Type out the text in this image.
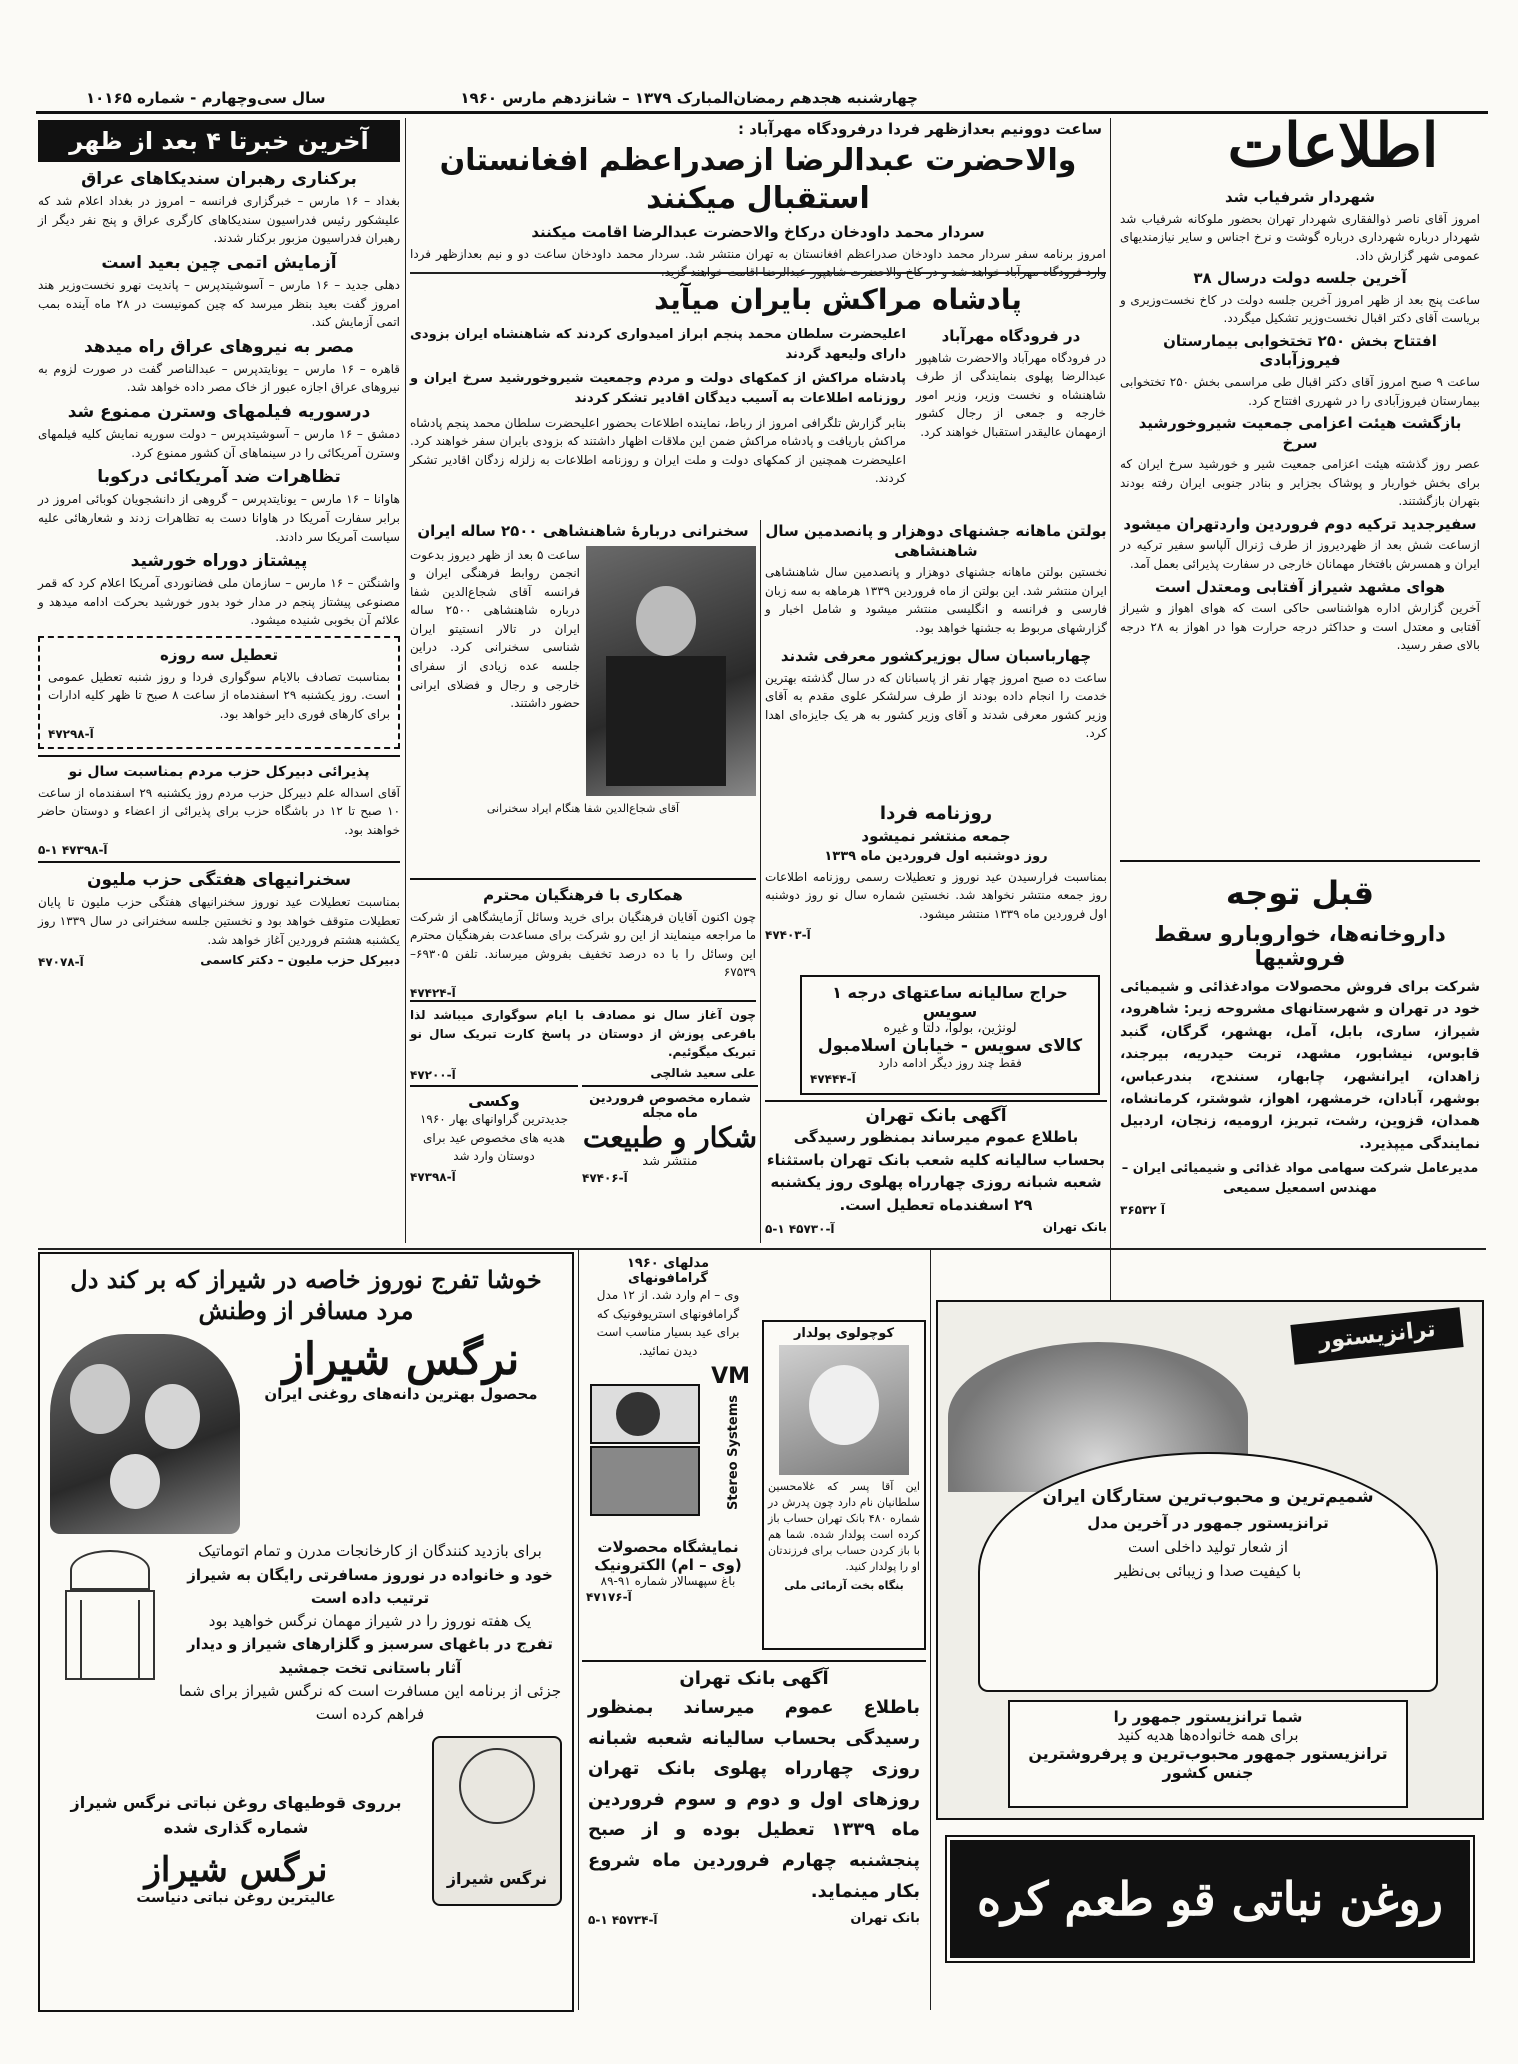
چهارشنبه هجدهم رمضان‌المبارک ۱۳۷۹ – شانزدهم مارس ۱۹۶۰
سال سی‌وچهارم - شماره ۱۰۱۶۵
اطلاعات
شهردار شرفیاب شد

امروز آقای ناصر ذوالفقاری شهردار تهران بحضور ملوکانه شرفیاب شد شهردار درباره شهرداری درباره گوشت و نرخ اجناس و سایر نیازمندیهای عمومی شهر گزارش داد.

آخرین جلسه دولت درسال ۳۸

ساعت پنج بعد از ظهر امروز آخرین جلسه دولت در کاخ نخست‌وزیری و بریاست آقای دکتر اقبال نخست‌وزیر تشکیل میگردد.

افتتاح بخش ۲۵۰ تختخوابی بیمارستان فیروزآبادی

ساعت ۹ صبح امروز آقای دکتر اقبال طی مراسمی بخش ۲۵۰ تختخوابی بیمارستان فیروزآبادی را در شهرری افتتاح کرد.

بازگشت هیئت اعزامی جمعیت شیروخورشید سرخ

عصر روز گذشته هیئت اعزامی جمعیت شیر و خورشید سرخ ایران که برای بخش خواربار و پوشاک بجزایر و بنادر جنوبی ایران رفته بودند بتهران بازگشتند.

سفیرجدید ترکیه دوم فروردین واردتهران میشود

ازساعت شش بعد از ظهردیروز از طرف ژنرال آلپاسو سفیر ترکیه در ایران و همسرش بافتخار مهمانان خارجی در سفارت پذیرائی بعمل آمد.

هوای مشهد شیراز آفتابی ومعتدل است

آخرین گزارش اداره هواشناسی حاکی است که هوای اهواز و شیراز آفتابی و معتدل است و حداکثر درجه حرارت هوا در اهواز به ۲۸ درجه بالای صفر رسید.

قبل توجه
داروخانه‌ها، خواروبارو سقط فروشیها

شرکت برای فروش محصولات موادغذائی و شیمیائی خود در تهران و شهرستانهای مشروحه زیر: شاهرود، شیراز، ساری، بابل، آمل، بهشهر، گرگان، گنبد قابوس، نیشابور، مشهد، تربت حیدریه، بیرجند، زاهدان، ایرانشهر، چابهار، سنندج، بندرعباس، بوشهر، آبادان، خرمشهر، اهواز، شوشتر، کرمانشاه، همدان، قزوین، رشت، تبریز، ارومیه، زنجان، اردبیل نمایندگی میپذیرد.

مدیرعامل شرکت سهامی مواد غذائی و شیمیائی ایران – مهندس اسمعیل سمیعی

۳۶۵۳۲ آ
ساعت دوونیم بعدازظهر فردا درفرودگاه مهرآباد :
والاحضرت عبدالرضا ازصدراعظم افغانستان استقبال میکنند
سردار محمد داودخان درکاخ والاحضرت عبدالرضا اقامت میکنند

امروز برنامه سفر سردار محمد داودخان صدراعظم افغانستان به تهران منتشر شد. سردار محمد داودخان ساعت دو و نیم بعدازظهر فردا

پادشاه مراکش بایران میآید
در فرودگاه مهرآباد

در فرودگاه مهرآباد والاحضرت شاهپور عبدالرضا پهلوی بنمایندگی از طرف شاهنشاه و نخست وزیر، وزیر امور خارجه و جمعی از رجال کشور ازمهمان عالیقدر استقبال خواهند کرد.

اعلیحضرت سلطان محمد پنجم ابراز امیدواری کردند که شاهنشاه ایران بزودی دارای ولیعهد گردند

پادشاه مراکش از کمکهای دولت و مردم وجمعیت شیروخورشید سرخ ایران و روزنامه اطلاعات به آسیب دیدگان اقادیر تشکر کردند

بنابر گزارش تلگرافی امروز از رباط، نماینده اطلاعات بحضور اعلیحضرت سلطان محمد پنجم پادشاه مراکش باریافت و پادشاه مراکش ضمن این ملاقات اظهار داشتند که بزودی بایران سفر خواهند کرد. اعلیحضرت همچنین از کمکهای دولت و ملت ایران و روزنامه اطلاعات به زلزله زدگان اقادیر تشکر کردند.

سخنرانی دربارهٔ شاهنشاهی ۲۵۰۰ ساله ایران

ساعت ۵ بعد از ظهر دیروز بدعوت انجمن روابط فرهنگی ایران و فرانسه آقای شجاع‌الدین شفا درباره شاهنشاهی ۲۵۰۰ ساله ایران در تالار انستیتو ایران شناسی سخنرانی کرد. دراین جلسه عده زیادی از سفرای خارجی و رجال و فضلای ایرانی حضور داشتند.

آقای شجاع‌الدین شفا هنگام ایراد سخنرانی

بولتن ماهانه جشنهای دوهزار و پانصدمین سال شاهنشاهی

نخستین بولتن ماهانه جشنهای دوهزار و پانصدمین سال شاهنشاهی ایران منتشر شد. این بولتن از ماه فروردین ۱۳۳۹ هرماهه به سه زبان فارسی و فرانسه و انگلیسی منتشر میشود و شامل اخبار و گزارشهای مربوط به جشنها خواهد بود.

چهارباسبان سال بوزیرکشور معرفی شدند

ساعت ده صبح امروز چهار نفر از پاسبانان که در سال گذشته بهترین خدمت را انجام داده بودند از طرف سرلشکر علوی مقدم به آقای وزیر کشور معرفی شدند و آقای وزیر کشور به هر یک جایزه‌ای اهدا کرد.

روزنامه فردا
جمعه منتشر نمیشود
روز دوشنبه اول فروردین ماه ۱۳۳۹

بمناسبت فرارسیدن عید نوروز و تعطیلات رسمی روزنامه اطلاعات روز جمعه منتشر نخواهد شد. نخستین شماره سال نو روز دوشنبه اول فروردین ماه ۱۳۳۹ منتشر میشود.

آ-۴۷۴۰۳
همکاری با فرهنگیان محترم

چون اکنون آقایان فرهنگیان برای خرید وسائل آزمایشگاهی از شرکت ما مراجعه مینمایند از این رو شرکت برای مساعدت بفرهنگیان محترم این وسائل را با ده درصد تخفیف بفروش میرساند. تلفن ۶۹۳۰۵–۶۷۵۳۹

آ-۴۷۴۲۴	حراج سالیانه ساعتهای درجه ۱ سویس
لونژین، بولوا، دلتا و غیره
کالای سویس - خیابان اسلامبول
فقط چند روز دیگر ادامه دارد
آ-۴۷۴۴۴

چون آغاز سال نو مصادف با ایام سوگواری میباشد لذا بافرعی پوزش از دوستان در پاسخ کارت تبریک سال نو تبریک میگوئیم.

علی سعید شالچی
آ-۴۷۲۰۰
شماره مخصوص فروردین ماه مجله
شکار و طبیعت
منتشر شد
آ-۴۷۴۰۶
وکسی

جدیدترین گراوانهای بهار ۱۹۶۰ هدیه های مخصوص عید برای دوستان وارد شد

آ-۴۷۳۹۸
آگهی بانک تهران

باطلاع عموم میرساند بمنظور رسیدگی بحساب سالیانه کلیه شعب بانک تهران باستثناء شعبه شبانه روزی چهارراه پهلوی روز یکشنبه ۲۹ اسفندماه تعطیل است.

بانک تهران
آ-۴۵۷۳۰ ۱-۵
آخرین خبرتا ۴ بعد از ظهر
برکناری رهبران سندیکاهای عراق

بغداد – ۱۶ مارس – خبرگزاری فرانسه – امروز در بغداد اعلام شد که علیشکور رئیس فدراسیون سندیکاهای کارگری عراق و پنج نفر دیگر از رهبران فدراسیون مزبور برکنار شدند.

آزمایش اتمی چین بعید است

دهلی جدید – ۱۶ مارس – آسوشیتدپرس – پاندیت نهرو نخست‌وزیر هند امروز گفت بعید بنظر میرسد که چین کمونیست در ۲۸ ماه آینده بمب اتمی آزمایش کند.

مصر به نیروهای عراق راه میدهد

قاهره – ۱۶ مارس – یونایتدپرس – عبدالناصر گفت در صورت لزوم به نیروهای عراق اجازه عبور از خاک مصر داده خواهد شد.

درسوریه فیلمهای وسترن ممنوع شد

دمشق – ۱۶ مارس – آسوشیتدپرس – دولت سوریه نمایش کلیه فیلمهای وسترن آمریکائی را در سینماهای آن کشور ممنوع کرد.

تظاهرات ضد آمریکائی درکوبا

هاوانا – ۱۶ مارس – یونایتدپرس – گروهی از دانشجویان کوبائی امروز در برابر سفارت آمریکا در هاوانا دست به تظاهرات زدند و شعارهائی علیه سیاست آمریکا سر دادند.

پیشتاز دوراه خورشید

واشنگتن – ۱۶ مارس – سازمان ملی فضانوردی آمریکا اعلام کرد که قمر مصنوعی پیشتاز پنجم در مدار خود بدور خورشید بحرکت ادامه میدهد و علائم آن بخوبی شنیده میشود.

تعطیل سه روزه

بمناسبت تصادف بالایام سوگواری فردا و روز شنبه تعطیل عمومی است. روز یکشنبه ۲۹ اسفندماه از ساعت ۸ صبح تا ظهر کلیه ادارات برای کارهای فوری دایر خواهد بود.

آ-۴۷۲۹۸
پذیرائی دبیرکل حزب مردم بمناسبت سال نو

آقای اسداله علم دبیرکل حزب مردم روز یکشنبه ۲۹ اسفندماه از ساعت ۱۰ صبح تا ۱۲ در باشگاه حزب برای پذیرائی از اعضاء و دوستان حاضر خواهند بود.

آ-۴۷۳۹۸ ۱-۵
سخنرانیهای هفتگی حزب ملیون

بمناسبت تعطیلات عید نوروز سخنرانیهای هفتگی حزب ملیون تا پایان تعطیلات متوقف خواهد بود و نخستین جلسه سخنرانی در سال ۱۳۳۹ روز یکشنبه هشتم فروردین آغاز خواهد شد.

دبیرکل حزب ملیون – دکتر کاسمی
آ-۴۷۰۷۸
خوشا تفرج نوروز خاصه در شیراز که بر کند دل مرد مسافر از وطنش
نرگس شیراز
محصول بهترین دانه‌های روغنی ایران
برای بازدید کنندگان از کارخانجات مدرن و تمام اتوماتیک
خود و خانواده در نوروز مسافرتی رایگان به شیراز ترتیب داده است
یک هفته نوروز را در شیراز مهمان نرگس خواهید بود
تفرج در باغهای سرسبز و گلزارهای شیراز و دیدار آثار باستانی تخت جمشید
جزئی از برنامه این مسافرت است که نرگس شیراز برای شما فراهم کرده است
نرگس شیراز
برروی قوطیهای روغن نباتی نرگس شیراز شماره گذاری شده
نرگس شیراز
عالیترین روغن نباتی دنیاست
مدلهای ۱۹۶۰ گرامافونهای

وی – ام وارد شد. از ۱۲ مدل گرامافونهای استریوفونیک که برای عید بسیار مناسب است دیدن نمائید.

VM
Stereo Systems
نمایشگاه محصولات
(وی – ام) الکترونیک
باغ سپهسالار شماره ۹۱-۸۹
آ-۴۷۱۷۶
کوچولوی پولدار

این آقا پسر که غلامحسین سلطانیان نام دارد چون پدرش در شماره ۴۸۰ بانک تهران حساب باز کرده است پولدار شده. شما هم با باز کردن حساب برای فرزندتان او را پولدار کنید.

بنگاه بخت آزمائی ملی
آگهی بانک تهران

باطلاع عموم میرساند بمنظور رسیدگی بحساب سالیانه شعبه شبانه روزی چهارراه پهلوی بانک تهران روزهای اول و دوم و سوم فروردین ماه ۱۳۳۹ تعطیل بوده و از صبح پنجشنبه چهارم فروردین ماه شروع بکار مینماید.

بانک تهران
آ-۴۵۷۳۴ ۱-۵
ترانزیستور
شمیم‌ترین و محبوب‌ترین ستارگان ایران
ترانزیستور جمهور در آخرین مدل
از شعار تولید داخلی است
با کیفیت صدا و زیبائی بی‌نظیر
شما ترانزیستور جمهور را
برای همه خانواده‌ها هدیه کنید
ترانزیستور جمهور محبوب‌ترین و پرفروشترین جنس کشور
روغن نباتی قو طعم کره دارد
